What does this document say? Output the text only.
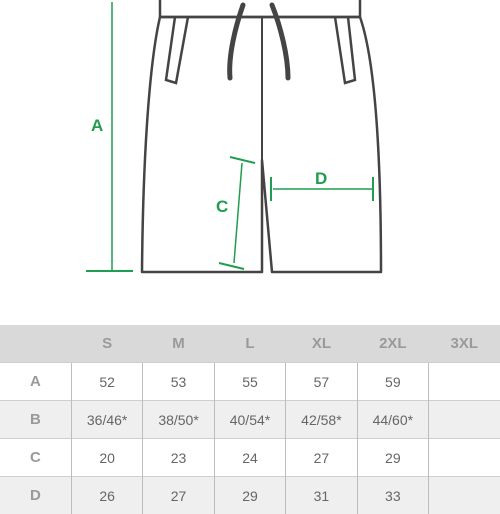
A
C
D
	S	M	L	XL	2XL	3XL
A	52	53	55	57	59	
B	36/46*	38/50*	40/54*	42/58*	44/60*	
C	20	23	24	27	29	
D	26	27	29	31	33	
